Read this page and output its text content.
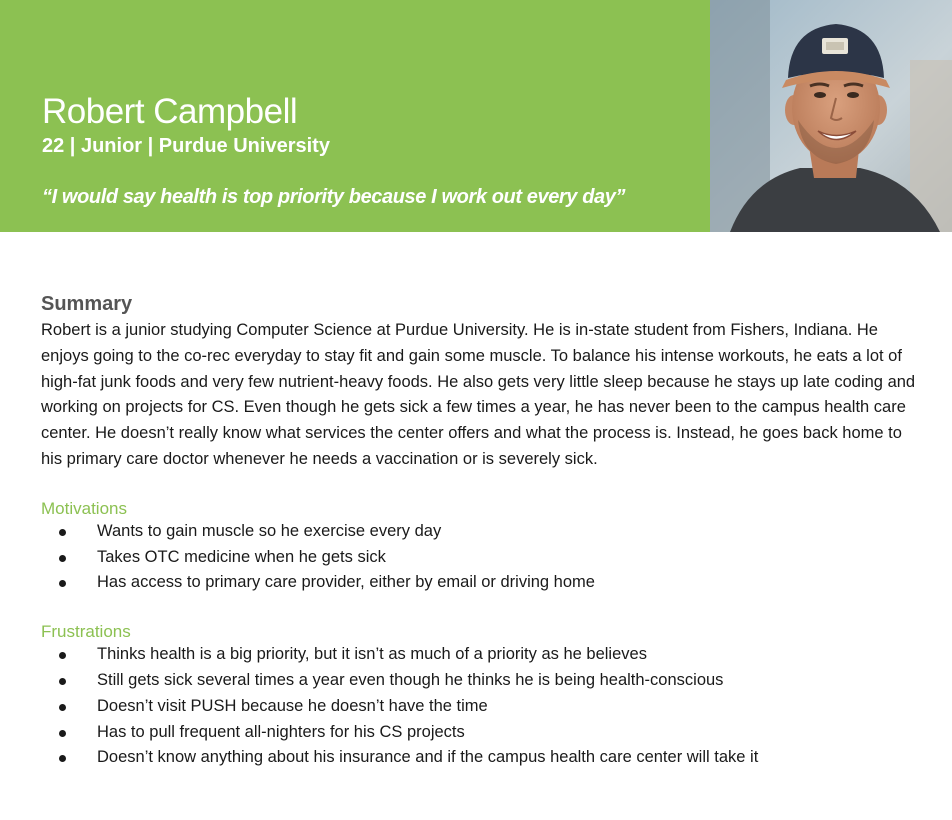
Robert Campbell
22 | Junior | Purdue University
“I would say health is top priority because I work out every day”
Summary

Robert is a junior studying Computer Science at Purdue University. He is in-state student from Fishers, Indiana. He enjoys going to the co-rec everyday to stay fit and gain some muscle. To balance his intense workouts, he eats a lot of high-fat junk foods and very few nutrient-heavy foods. He also gets very little sleep because he stays up late coding and working on projects for CS. Even though he gets sick a few times a year, he has never been to the campus health care center. He doesn’t really know what services the center offers and what the process is. Instead, he goes back home to his primary care doctor whenever he needs a vaccination or is severely sick.

Motivations
Wants to gain muscle so he exercise every day
Takes OTC medicine when he gets sick
Has access to primary care provider, either by email or driving home
Frustrations
Thinks health is a big priority, but it isn’t as much of a priority as he believes
Still gets sick several times a year even though he thinks he is being health-conscious
Doesn’t visit PUSH because he doesn’t have the time
Has to pull frequent all-nighters for his CS projects
Doesn’t know anything about his insurance and if the campus health care center will take it
